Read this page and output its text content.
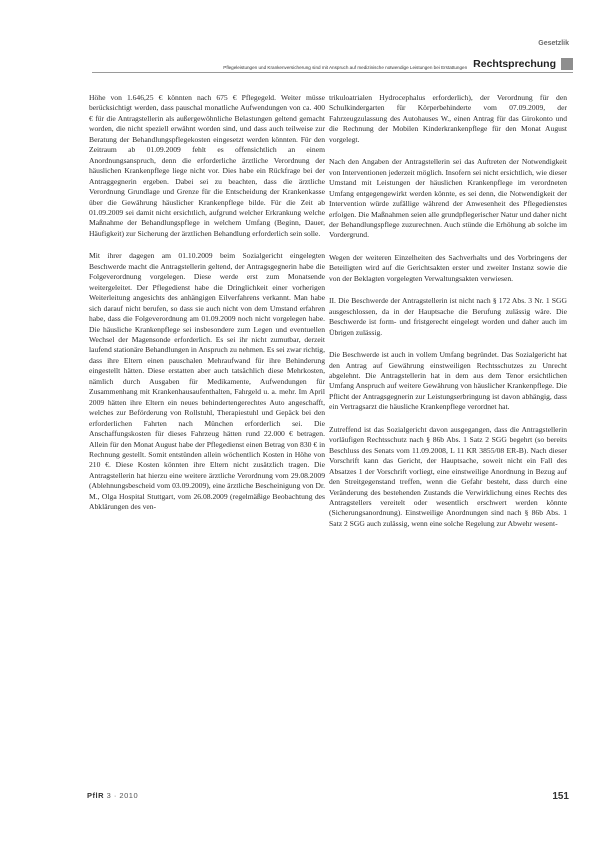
Gesetzlik
Pflegeleistungen und Krankenversicherung sind mit Anspruch auf medizinische notwendige Leistungen bei Erstattungen Rechtsprechung

Höhe von 1.646,25 € könnten nach 675 € Pflegegeld. Weiter müsse berücksichtigt werden, dass pauschal monatliche Aufwendungen von ca. 400 € für die Antragstellerin als außergewöhnliche Belastungen geltend gemacht worden, die nicht speziell erwähnt worden sind, und dass auch teilweise zur Beratung der Behandlungspflegekosten eingesetzt werden könnten. Für den Zeitraum ab 01.09.2009 fehlt es offensichtlich an einem Anordnungsanspruch, denn die erforderliche ärztliche Verordnung der häuslichen Krankenpflege liege nicht vor. Dies habe ein Rückfrage bei der Antraggegnerin ergeben. Dabei sei zu beachten, dass die ärztliche Verordnung Grundlage und Grenze für die Entscheidung der Krankenkasse über die Gewährung häuslicher Krankenpflege bilde. Für die Zeit ab 01.09.2009 sei damit nicht ersichtlich, aufgrund welcher Erkrankung welche Maßnahme der Behandlungspflege in welchem Umfang (Beginn, Dauer, Häufigkeit) zur Sicherung der ärztlichen Behandlung erforderlich sein solle.

Mit ihrer dagegen am 01.10.2009 beim Sozialgericht eingelegten Beschwerde macht die Antragstellerin geltend, der Antragsgegnerin habe die Folgeverordnung vorgelegen. Diese werde erst zum Monatsende weitergeleitet. Der Pflegedienst habe die Dringlichkeit einer vorherigen Weiterleitung angesichts des anhängigen Eilverfahrens verkannt. Man habe sich darauf nicht berufen, so dass sie auch nicht von dem Umstand erfahren habe, dass die Folgeverordnung am 01.09.2009 noch nicht vorgelegen habe. Die häusliche Krankenpflege sei insbesondere zum Legen und eventuellen Wechsel der Magensonde erforderlich. Es sei ihr nicht zumutbar, derzeit laufend stationäre Behandlungen in Anspruch zu nehmen. Es sei zwar richtig, dass ihre Eltern einen pauschalen Mehraufwand für ihre Behinderung eingestellt hätten. Diese erstatten aber auch tatsächlich diese Mehrkosten, nämlich durch Ausgaben für Medikamente, Aufwendungen für Zusammenhang mit Krankenhausaufenthalten, Fahrgeld u. a. mehr. Im April 2009 hätten ihre Eltern ein neues behindertengerechtes Auto angeschafft, welches zur Beförderung von Rollstuhl, Therapiestuhl und Gepäck bei den erforderlichen Fahrten nach München erforderlich sei. Die Anschaffungskosten für dieses Fahrzeug hätten rund 22.000 € betragen. Allein für den Monat August habe der Pflegedienst einen Betrag von 830 € in Rechnung gestellt. Somit entstünden allein wöchentlich Kosten in Höhe von 210 €. Diese Kosten könnten ihre Eltern nicht zusätzlich tragen. Die Antragstellerin hat hierzu eine weitere ärztliche Verordnung vom 29.08.2009 (Ablehnungsbescheid vom 03.09.2009), eine ärztliche Bescheinigung von Dr. M., Olga Hospital Stuttgart, vom 26.08.2009 (regelmäßige Beobachtung des Abklärungen des ven-

trikuloatrialen Hydrocephalus erforderlich), der Verordnung für den Schulkindergarten für Körperbehinderte vom 07.09.2009, der Fahrzeugzulassung des Autohauses W., einen Antrag für das Girokonto und die Rechnung der Mobilen Kinderkrankenpflege für den Monat August vorgelegt.

Nach den Angaben der Antragstellerin sei das Auftreten der Notwendigkeit von Interventionen jederzeit möglich. Insofern sei nicht ersichtlich, wie dieser Umstand mit Leistungen der häuslichen Krankenpflege im verordneten Umfang entgegengewirkt werden könnte, es sei denn, die Notwendigkeit der Intervention würde zufällige während der Anwesenheit des Pflegedienstes erfolgen. Die Maßnahmen seien alle grundpflegerischer Natur und daher nicht der Behandlungspflege zuzurechnen. Auch stünde die Erhöhung ab solche im Vordergrund.

Wegen der weiteren Einzelheiten des Sachverhalts und des Vorbringens der Beteiligten wird auf die Gerichtsakten erster und zweiter Instanz sowie die von der Beklagten vorgelegten Verwaltungsakten verwiesen.

II. Die Beschwerde der Antragstellerin ist nicht nach § 172 Abs. 3 Nr. 1 SGG ausgeschlossen, da in der Hauptsache die Berufung zulässig wäre. Die Beschwerde ist form- und fristgerecht eingelegt worden und daher auch im Übrigen zulässig.

Die Beschwerde ist auch in vollem Umfang begründet. Das Sozialgericht hat den Antrag auf Gewährung einstweiligen Rechtsschutzes zu Unrecht abgelehnt. Die Antragstellerin hat in dem aus dem Tenor ersichtlichen Umfang Anspruch auf weitere Gewährung von häuslicher Krankenpflege. Die Pflicht der Antragsgegnerin zur Leistungserbringung ist davon abhängig, dass ein Vertragsarzt die häusliche Krankenpflege verordnet hat.

Zutreffend ist das Sozialgericht davon ausgegangen, dass die Antragstellerin vorläufigen Rechtsschutz nach § 86b Abs. 1 Satz 2 SGG begehrt (so bereits Beschluss des Senats vom 11.09.2008, L 11 KR 3855/08 ER-B). Nach dieser Vorschrift kann das Gericht, der Hauptsache, soweit nicht ein Fall des Absatzes 1 der Vorschrift vorliegt, eine einstweilige Anordnung in Bezug auf den Streitgegenstand treffen, wenn die Gefahr besteht, dass durch eine Veränderung des bestehenden Zustands die Verwirklichung eines Rechts des Antragstellers vereitelt oder wesentlich erschwert werden könnte (Sicherungsanordnung). Einstweilige Anordnungen sind nach § 86b Abs. 1 Satz 2 SGG auch zulässig, wenn eine solche Regelung zur Abwehr wesent-

PflR 3 · 2010	151
